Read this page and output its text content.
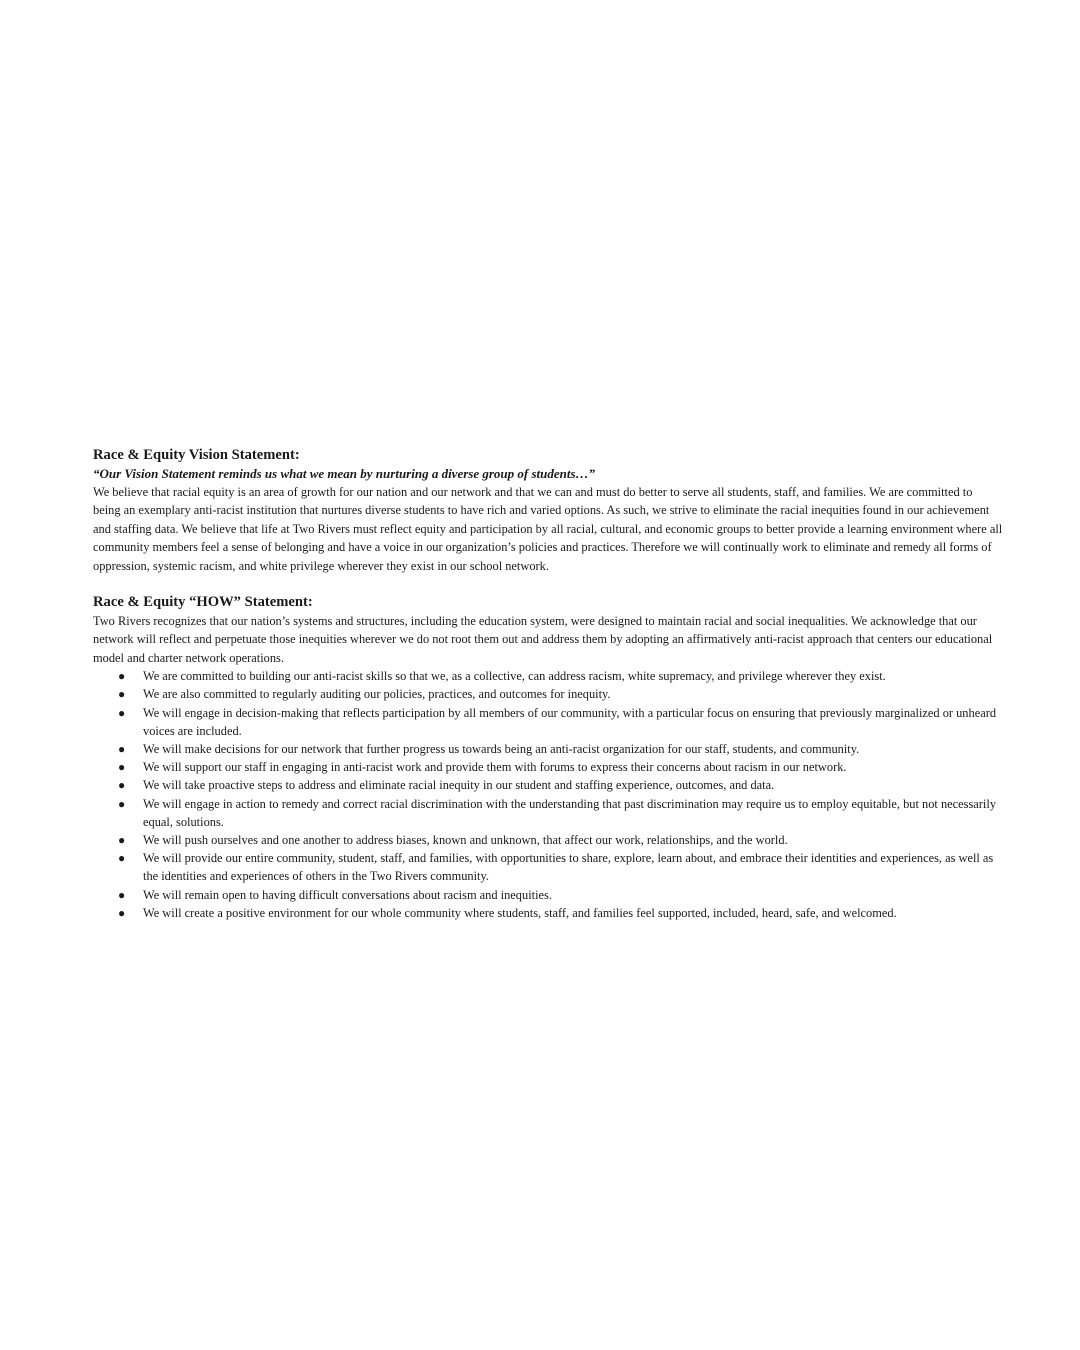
Race & Equity Vision Statement:

“Our Vision Statement reminds us what we mean by nurturing a diverse group of students…”

We believe that racial equity is an area of growth for our nation and our network and that we can and must do better to serve all students, staff, and families. We are committed to being an exemplary anti-racist institution that nurtures diverse students to have rich and varied options. As such, we strive to eliminate the racial inequities found in our achievement and staffing data. We believe that life at Two Rivers must reflect equity and participation by all racial, cultural, and economic groups to better provide a learning environment where all community members feel a sense of belonging and have a voice in our organization’s policies and practices. Therefore we will continually work to eliminate and remedy all forms of oppression, systemic racism, and white privilege wherever they exist in our school network.

Race & Equity “HOW” Statement:

Two Rivers recognizes that our nation’s systems and structures, including the education system, were designed to maintain racial and social inequalities. We acknowledge that our network will reflect and perpetuate those inequities wherever we do not root them out and address them by adopting an affirmatively anti-racist approach that centers our educational model and charter network operations.

● We are committed to building our anti-racist skills so that we, as a collective, can address racism, white supremacy, and privilege wherever they exist.
● We are also committed to regularly auditing our policies, practices, and outcomes for inequity.
● We will engage in decision-making that reflects participation by all members of our community, with a particular focus on ensuring that previously marginalized or unheard voices are included.
● We will make decisions for our network that further progress us towards being an anti-racist organization for our staff, students, and community.
● We will support our staff in engaging in anti-racist work and provide them with forums to express their concerns about racism in our network.
● We will take proactive steps to address and eliminate racial inequity in our student and staffing experience, outcomes, and data.
● We will engage in action to remedy and correct racial discrimination with the understanding that past discrimination may require us to employ equitable, but not necessarily equal, solutions.
● We will push ourselves and one another to address biases, known and unknown, that affect our work, relationships, and the world.
● We will provide our entire community, student, staff, and families, with opportunities to share, explore, learn about, and embrace their identities and experiences, as well as the identities and experiences of others in the Two Rivers community.
● We will remain open to having difficult conversations about racism and inequities.
● We will create a positive environment for our whole community where students, staff, and families feel supported, included, heard, safe, and welcomed.
